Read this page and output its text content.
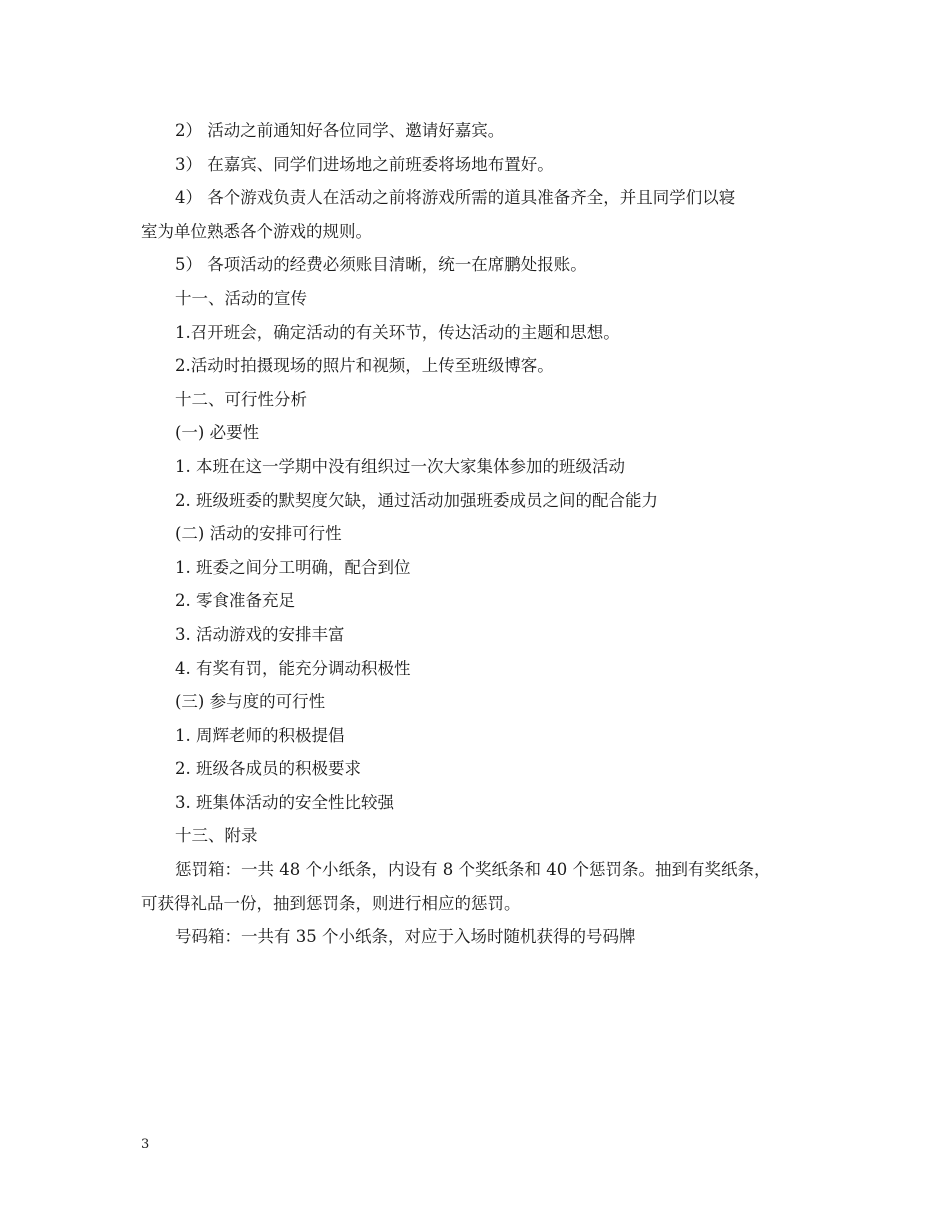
2） 活动之前通知好各位同学、邀请好嘉宾。
3） 在嘉宾、同学们进场地之前班委将场地布置好。
4） 各个游戏负责人在活动之前将游戏所需的道具准备齐全，并且同学们以寝
室为单位熟悉各个游戏的规则。
5） 各项活动的经费必须账目清晰，统一在席鹏处报账。
十一、活动的宣传
1.召开班会，确定活动的有关环节，传达活动的主题和思想。
2.活动时拍摄现场的照片和视频，上传至班级博客。
十二、可行性分析
(一) 必要性
1. 本班在这一学期中没有组织过一次大家集体参加的班级活动
2. 班级班委的默契度欠缺，通过活动加强班委成员之间的配合能力
(二) 活动的安排可行性
1. 班委之间分工明确，配合到位
2. 零食准备充足
3. 活动游戏的安排丰富
4. 有奖有罚，能充分调动积极性
(三) 参与度的可行性
1. 周辉老师的积极提倡
2. 班级各成员的积极要求
3. 班集体活动的安全性比较强
十三、附录
惩罚箱：一共 48 个小纸条，内设有 8 个奖纸条和 40 个惩罚条。抽到有奖纸条，
可获得礼品一份，抽到惩罚条，则进行相应的惩罚。
号码箱：一共有 35 个小纸条，对应于入场时随机获得的号码牌
3
